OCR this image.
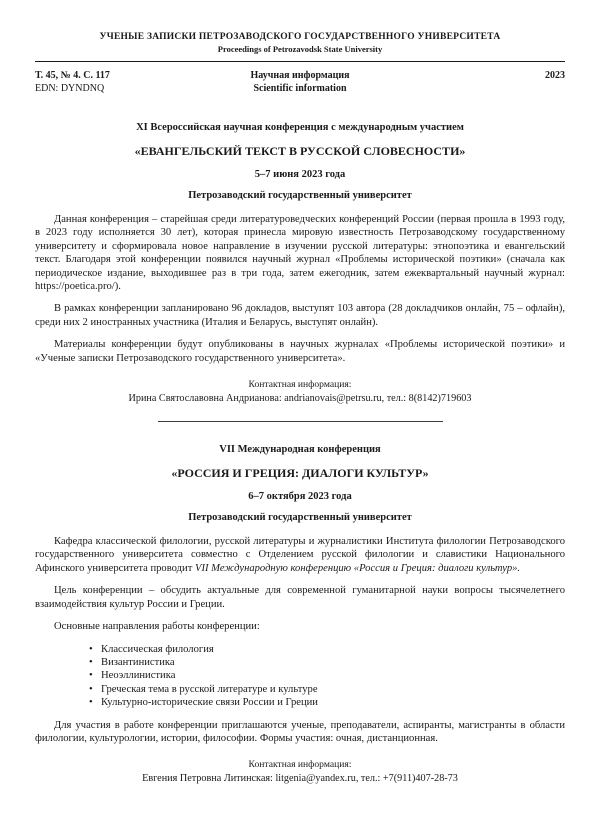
УЧЕНЫЕ ЗАПИСКИ ПЕТРОЗАВОДСКОГО ГОСУДАРСТВЕННОГО УНИВЕРСИТЕТА
Proceedings of Petrozavodsk State University
Т. 45, № 4. С. 117
EDN: DYNDNQ
Научная информация
Scientific information
2023
XI Всероссийская научная конференция с международным участием
«ЕВАНГЕЛЬСКИЙ ТЕКСТ В РУССКОЙ СЛОВЕСНОСТИ»
5–7 июня 2023 года
Петрозаводский государственный университет

Данная конференция – старейшая среди литературоведческих конференций России (первая прошла в 1993 году, в 2023 году исполняется 30 лет), которая принесла мировую известность Петрозаводскому государственному университету и сформировала новое направление в изучении русской литературы: этнопоэтика и евангельский текст. Благодаря этой конференции появился научный журнал «Проблемы исторической поэтики» (сначала как периодическое издание, выходившее раз в три года, затем ежегодник, затем ежеквартальный научный журнал: https://poetica.pro/).

В рамках конференции запланировано 96 докладов, выступят 103 автора (28 докладчиков онлайн, 75 – офлайн), среди них 2 иностранных участника (Италия и Беларусь, выступят онлайн).

Материалы конференции будут опубликованы в научных журналах «Проблемы исторической поэтики» и «Ученые записки Петрозаводского государственного университета».

Контактная информация:
Ирина Святославовна Андрианова: andrianovais@petrsu.ru, тел.: 8(8142)719603
VII Международная конференция
«РОССИЯ И ГРЕЦИЯ: ДИАЛОГИ КУЛЬТУР»
6–7 октября 2023 года
Петрозаводский государственный университет

Кафедра классической филологии, русской литературы и журналистики Института филологии Петрозаводского государственного университета совместно с Отделением русской филологии и славистики Национального Афинского университета проводит VII Международную конференцию «Россия и Греция: диалоги культур».

Цель конференции – обсудить актуальные для современной гуманитарной науки вопросы тысячелетнего взаимодействия культур России и Греции.

Основные направления работы конференции:

• Классическая филология
• Византинистика
• Неоэллинистика
• Греческая тема в русской литературе и культуре
• Культурно-исторические связи России и Греции

Для участия в работе конференции приглашаются ученые, преподаватели, аспиранты, магистранты в области филологии, культурологии, истории, философии. Формы участия: очная, дистанционная.

Контактная информация:
Евгения Петровна Литинская: litgenia@yandex.ru, тел.: +7(911)407-28-73
